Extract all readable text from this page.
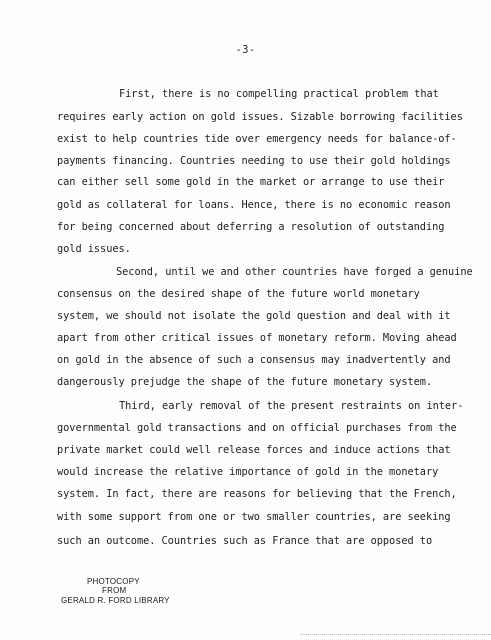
-3-
First, there is no compelling practical problem that
requires early action on gold issues. Sizable borrowing facilities
exist to help countries tide over emergency needs for balance-of-
payments financing. Countries needing to use their gold holdings
can either sell some gold in the market or arrange to use their
gold as collateral for loans. Hence, there is no economic reason
for being concerned about deferring a resolution of outstanding
gold issues.
Second, until we and other countries have forged a genuine
consensus on the desired shape of the future world monetary
system, we should not isolate the gold question and deal with it
apart from other critical issues of monetary reform. Moving ahead
on gold in the absence of such a consensus may inadvertently and
dangerously prejudge the shape of the future monetary system.
Third, early removal of the present restraints on inter-
governmental gold transactions and on official purchases from the
private market could well release forces and induce actions that
would increase the relative importance of gold in the monetary
system. In fact, there are reasons for believing that the French,
with some support from one or two smaller countries, are seeking
such an outcome. Countries such as France that are opposed to
PHOTOCOPY
FROM
GERALD R. FORD LIBRARY
